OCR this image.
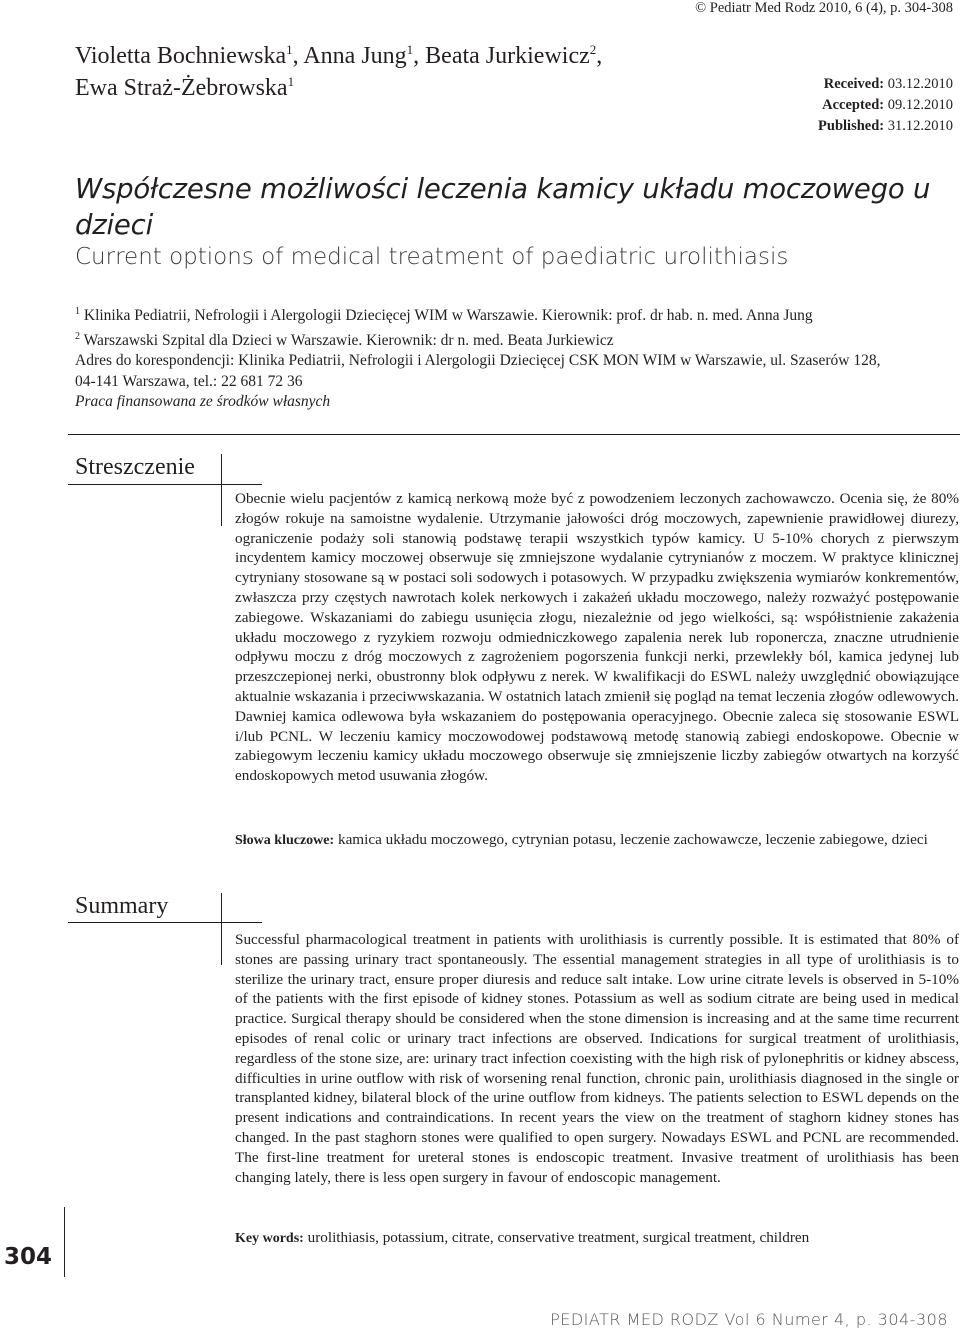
© Pediatr Med Rodz 2010, 6 (4), p. 304-308
Violetta Bochniewska$^1$, Anna Jung$^1$, Beata Jurkiewicz$^2$,
Ewa Straż-Żebrowska$^1$	Received: 03.12.2010
Accepted: 09.12.2010
Published: 31.12.2010
Współczesne możliwości leczenia kamicy układu moczowego u dzieci
Current options of medical treatment of paediatric urolithiasis
$^1$ Klinika Pediatrii, Nefrologii i Alergologii Dziecięcej WIM w Warszawie. Kierownik: prof. dr hab. n. med. Anna Jung
$^2$ Warszawski Szpital dla Dzieci w Warszawie. Kierownik: dr n. med. Beata Jurkiewicz
Adres do korespondencji: Klinika Pediatrii, Nefrologii i Alergologii Dziecięcej CSK MON WIM w Warszawie, ul. Szaserów 128,
04-141 Warszawa, tel.: 22 681 72 36
Praca finansowana ze środków własnych
Streszczenie
Obecnie wielu pacjentów z kamicą nerkową może być z powodzeniem leczonych zachowawczo. Ocenia się, że 80% złogów rokuje na samoistne wydalenie. Utrzymanie jałowości dróg moczowych, zapewnienie prawidłowej diurezy, ograniczenie podaży soli stanowią podstawę terapii wszystkich typów kamicy. U 5-10% chorych z pierwszym incydentem kamicy moczowej obserwuje się zmniejszone wydalanie cytrynianów z moczem. W praktyce klinicznej cytryniany stosowane są w postaci soli sodowych i potasowych. W przypadku zwiększenia wymiarów konkrementów, zwłaszcza przy częstych nawrotach kolek nerkowych i zakażeń układu moczowego, należy rozważyć postępowanie zabiegowe. Wskazaniami do zabiegu usunięcia złogu, niezależnie od jego wielkości, są: współistnienie zakażenia układu moczowego z ryzykiem rozwoju odmiedniczkowego zapalenia nerek lub roponercza, znaczne utrudnienie odpływu moczu z dróg moczowych z zagrożeniem pogorszenia funkcji nerki, przewlekły ból, kamica jedynej lub przeszczepionej nerki, obustronny blok odpływu z nerek. W kwalifikacji do ESWL należy uwzględnić obowiązujące aktualnie wskazania i przeciwwskazania. W ostatnich latach zmienił się pogląd na temat leczenia złogów odlewowych. Dawniej kamica odlewowa była wskazaniem do postępowania operacyjnego. Obecnie zaleca się stosowanie ESWL i/lub PCNL. W leczeniu kamicy moczowodowej podstawową metodę stanowią zabiegi endoskopowe. Obecnie w zabiegowym leczeniu kamicy układu moczowego obserwuje się zmniejszenie liczby zabiegów otwartych na korzyść endoskopowych metod usuwania złogów.
Słowa kluczowe: kamica układu moczowego, cytrynian potasu, leczenie zachowawcze, leczenie zabiegowe, dzieci
Summary
Successful pharmacological treatment in patients with urolithiasis is currently possible. It is estimated that 80% of stones are passing urinary tract spontaneously. The essential management strategies in all type of urolithiasis is to sterilize the urinary tract, ensure proper diuresis and reduce salt intake. Low urine citrate levels is observed in 5-10% of the patients with the first episode of kidney stones. Potassium as well as sodium citrate are being used in medical practice. Surgical therapy should be considered when the stone dimension is increasing and at the same time recurrent episodes of renal colic or urinary tract infections are observed. Indications for surgical treatment of urolithiasis, regardless of the stone size, are: urinary tract infection coexisting with the high risk of pylonephritis or kidney abscess, difficulties in urine outflow with risk of worsening renal function, chronic pain, urolithiasis diagnosed in the single or transplanted kidney, bilateral block of the urine outflow from kidneys. The patients selection to ESWL depends on the present indications and contraindications. In recent years the view on the treatment of staghorn kidney stones has changed. In the past staghorn stones were qualified to open surgery. Nowadays ESWL and PCNL are recommended. The first-line treatment for ureteral stones is endoscopic treatment. Invasive treatment of urolithiasis has been changing lately, there is less open surgery in favour of endoscopic management.
Key words: urolithiasis, potassium, citrate, conservative treatment, surgical treatment, children
304
PEDIATR MED RODZ Vol 6 Numer 4, p. 304-308
